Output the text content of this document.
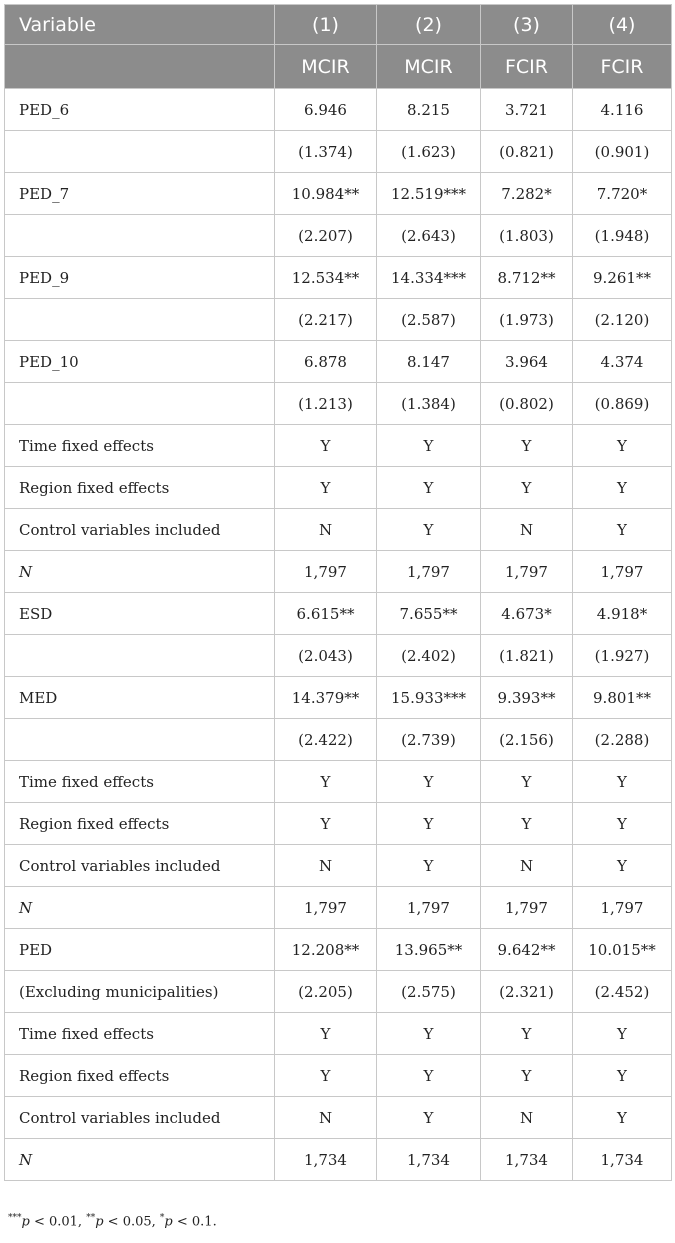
Variable	(1)	(2)	(3)	(4)
	MCIR	MCIR	FCIR	FCIR
PED_6	6.946	8.215	3.721	4.116
	(1.374)	(1.623)	(0.821)	(0.901)
PED_7	10.984**	12.519***	7.282*	7.720*
	(2.207)	(2.643)	(1.803)	(1.948)
PED_9	12.534**	14.334***	8.712**	9.261**
	(2.217)	(2.587)	(1.973)	(2.120)
PED_10	6.878	8.147	3.964	4.374
	(1.213)	(1.384)	(0.802)	(0.869)
Time fixed effects	Y	Y	Y	Y
Region fixed effects	Y	Y	Y	Y
Control variables included	N	Y	N	Y
N	1,797	1,797	1,797	1,797
ESD	6.615**	7.655**	4.673*	4.918*
	(2.043)	(2.402)	(1.821)	(1.927)
MED	14.379**	15.933***	9.393**	9.801**
	(2.422)	(2.739)	(2.156)	(2.288)
Time fixed effects	Y	Y	Y	Y
Region fixed effects	Y	Y	Y	Y
Control variables included	N	Y	N	Y
N	1,797	1,797	1,797	1,797
PED	12.208**	13.965**	9.642**	10.015**
(Excluding municipalities)	(2.205)	(2.575)	(2.321)	(2.452)
Time fixed effects	Y	Y	Y	Y
Region fixed effects	Y	Y	Y	Y
Control variables included	N	Y	N	Y
N	1,734	1,734	1,734	1,734
***p < 0.01, **p < 0.05, *p < 0.1.
